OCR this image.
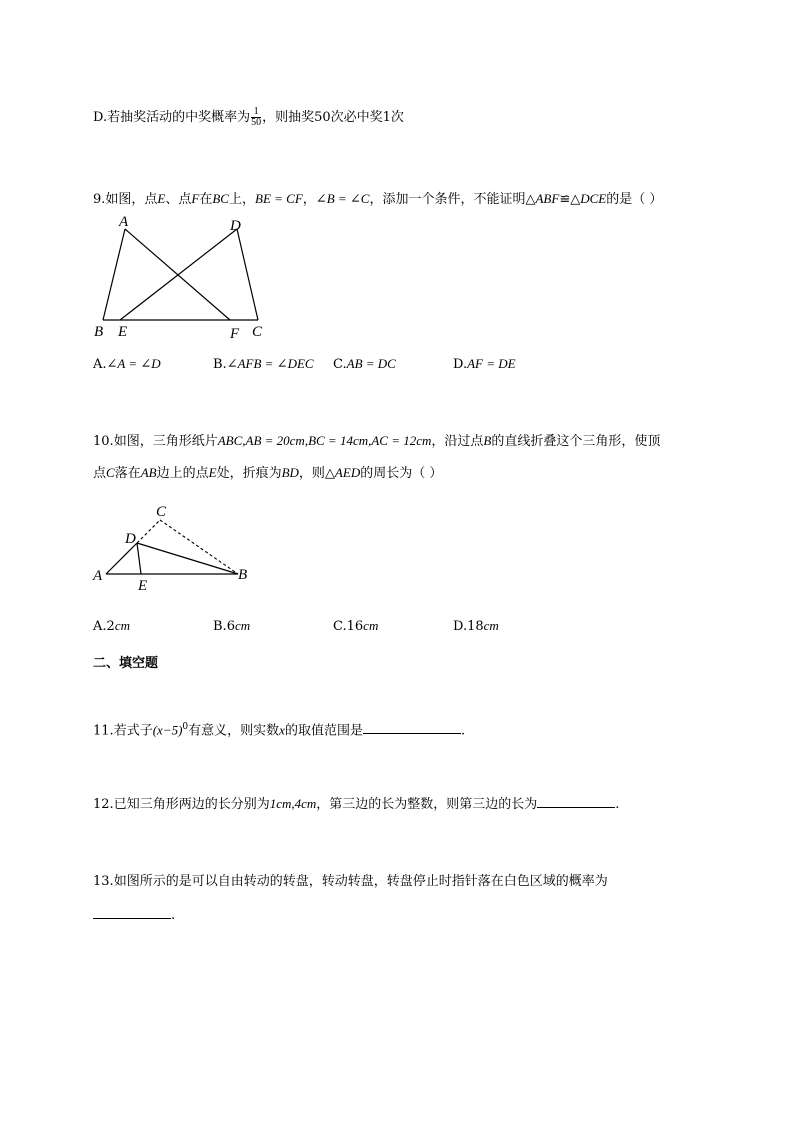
D.若抽奖活动的中奖概率为 $\frac{1}{50}$ ，则抽奖50次必中奖1次
9.如图，点E、点F在BC上，BE = CF，∠B = ∠C，添加一个条件，不能证明△ABF≌△DCE的是（ ）
A	D
B E	F C
A.∠A = ∠D	B.∠AFB = ∠DEC C.AB = DC	D.AF = DE
10.如图，三角形纸片ABC,AB = 20cm,BC = 14cm,AC = 12cm，沿过点B的直线折叠这个三角形，使顶
点C落在AB边上的点E处，折痕为BD，则△AED的周长为（ ）
C
D
A
E
B
A.2cm	B.6cm	C.16cm	D.18cm
二、填空题
11.若式子$(x-5)^0$有意义，则实数x的取值范围是	.
12.已知三角形两边的长分别为1cm,4cm，第三边的长为整数，则第三边的长为	.
13.如图所示的是可以自由转动的转盘，转动转盘，转盘停止时指针落在白色区域的概率为
.
